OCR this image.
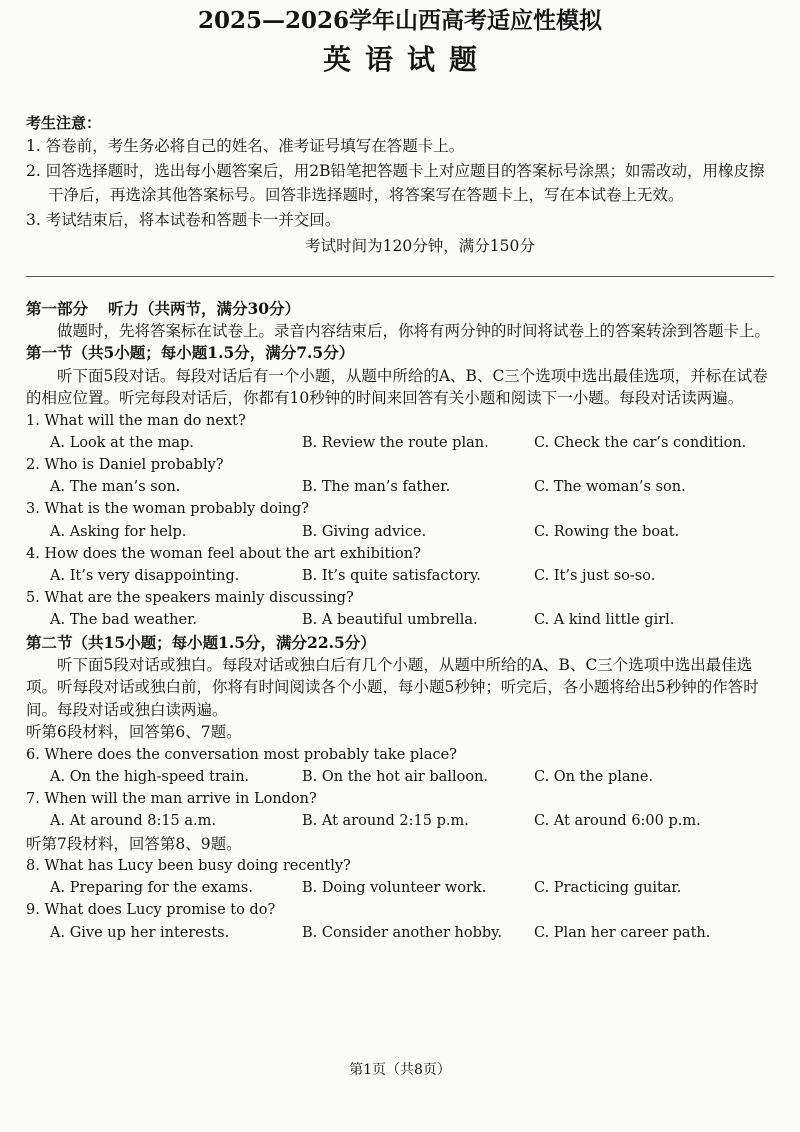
2025—2026学年山西高考适应性模拟
英语试题
考生注意：
1. 答卷前，考生务必将自己的姓名、准考证号填写在答题卡上。
2. 回答选择题时，选出每小题答案后，用2B铅笔把答题卡上对应题目的答案标号涂黑；如需改动，用橡皮擦干净后，再选涂其他答案标号。回答非选择题时，将答案写在答题卡上，写在本试卷上无效。
3. 考试结束后，将本试卷和答题卡一并交回。
考试时间为120分钟，满分150分
第一部分 听力（共两节，满分30分）
做题时，先将答案标在试卷上。录音内容结束后，你将有两分钟的时间将试卷上的答案转涂到答题卡上。
第一节（共5小题；每小题1.5分，满分7.5分）
听下面5段对话。每段对话后有一个小题，从题中所给的A、B、C三个选项中选出最佳选项，并标在试卷的相应位置。听完每段对话后，你都有10秒钟的时间来回答有关小题和阅读下一小题。每段对话读两遍。
1. What will the man do next?
A. Look at the map.	B. Review the route plan.	C. Check the car’s condition.
2. Who is Daniel probably?
A. The man’s son.	B. The man’s father.	C. The woman’s son.
3. What is the woman probably doing?
A. Asking for help.	B. Giving advice.	C. Rowing the boat.
4. How does the woman feel about the art exhibition?
A. It’s very disappointing.	B. It’s quite satisfactory.	C. It’s just so-so.
5. What are the speakers mainly discussing?
A. The bad weather.	B. A beautiful umbrella.	C. A kind little girl.
第二节（共15小题；每小题1.5分，满分22.5分）
听下面5段对话或独白。每段对话或独白后有几个小题，从题中所给的A、B、C三个选项中选出最佳选项。听每段对话或独白前，你将有时间阅读各个小题，每小题5秒钟；听完后，各小题将给出5秒钟的作答时间。每段对话或独白读两遍。
听第6段材料，回答第6、7题。
6. Where does the conversation most probably take place?
A. On the high-speed train.	B. On the hot air balloon.	C. On the plane.
7. When will the man arrive in London?
A. At around 8:15 a.m.	B. At around 2:15 p.m.	C. At around 6:00 p.m.
听第7段材料，回答第8、9题。
8. What has Lucy been busy doing recently?
A. Preparing for the exams.	B. Doing volunteer work.	C. Practicing guitar.
9. What does Lucy promise to do?
A. Give up her interests.	B. Consider another hobby.	C. Plan her career path.
第1页（共8页）
